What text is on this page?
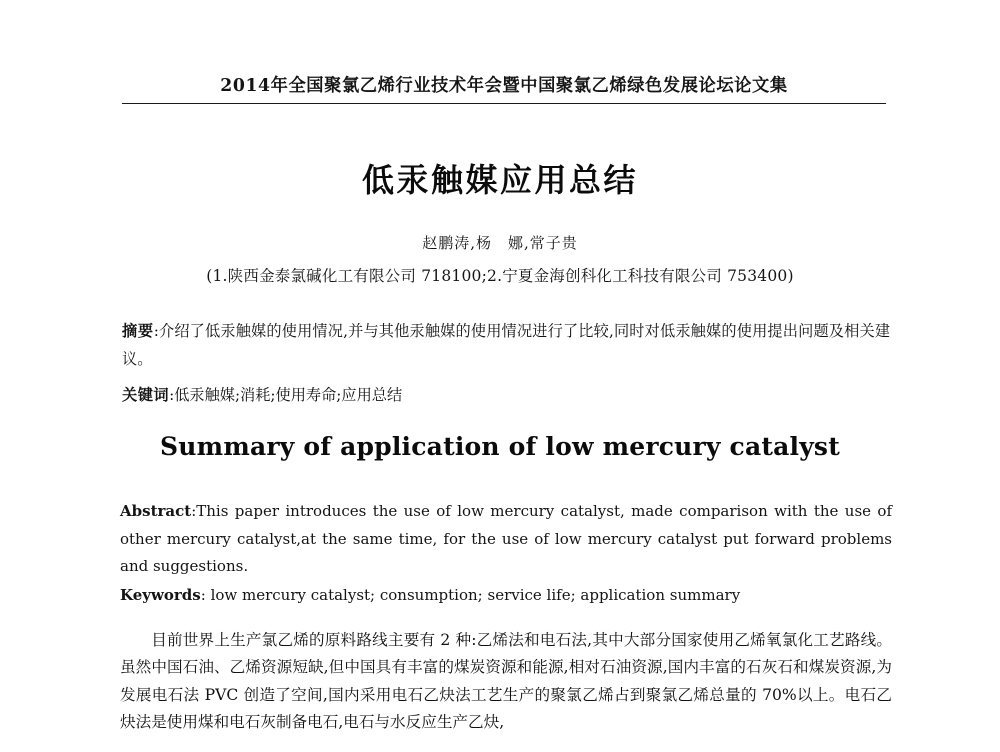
2014年全国聚氯乙烯行业技术年会暨中国聚氯乙烯绿色发展论坛论文集
低汞触媒应用总结
赵鹏涛,杨　娜,常子贵
(1.陕西金泰氯碱化工有限公司 718100;2.宁夏金海创科化工科技有限公司 753400)
摘要:介绍了低汞触媒的使用情况,并与其他汞触媒的使用情况进行了比较,同时对低汞触媒的使用提出问题及相关建议。
关键词:低汞触媒;消耗;使用寿命;应用总结
Summary of application of low mercury catalyst
Abstract:This paper introduces the use of low mercury catalyst, made comparison with the use of other mercury catalyst,at the same time, for the use of low mercury catalyst put forward problems and suggestions.
Keywords: low mercury catalyst; consumption; service life; application summary
目前世界上生产氯乙烯的原料路线主要有 2 种:乙烯法和电石法,其中大部分国家使用乙烯氧氯化工艺路线。虽然中国石油、乙烯资源短缺,但中国具有丰富的煤炭资源和能源,相对石油资源,国内丰富的石灰石和煤炭资源,为发展电石法 PVC 创造了空间,国内采用电石乙炔法工艺生产的聚氯乙烯占到聚氯乙烯总量的 70%以上。电石乙炔法是使用煤和电石灰制备电石,电石与水反应生产乙炔,
